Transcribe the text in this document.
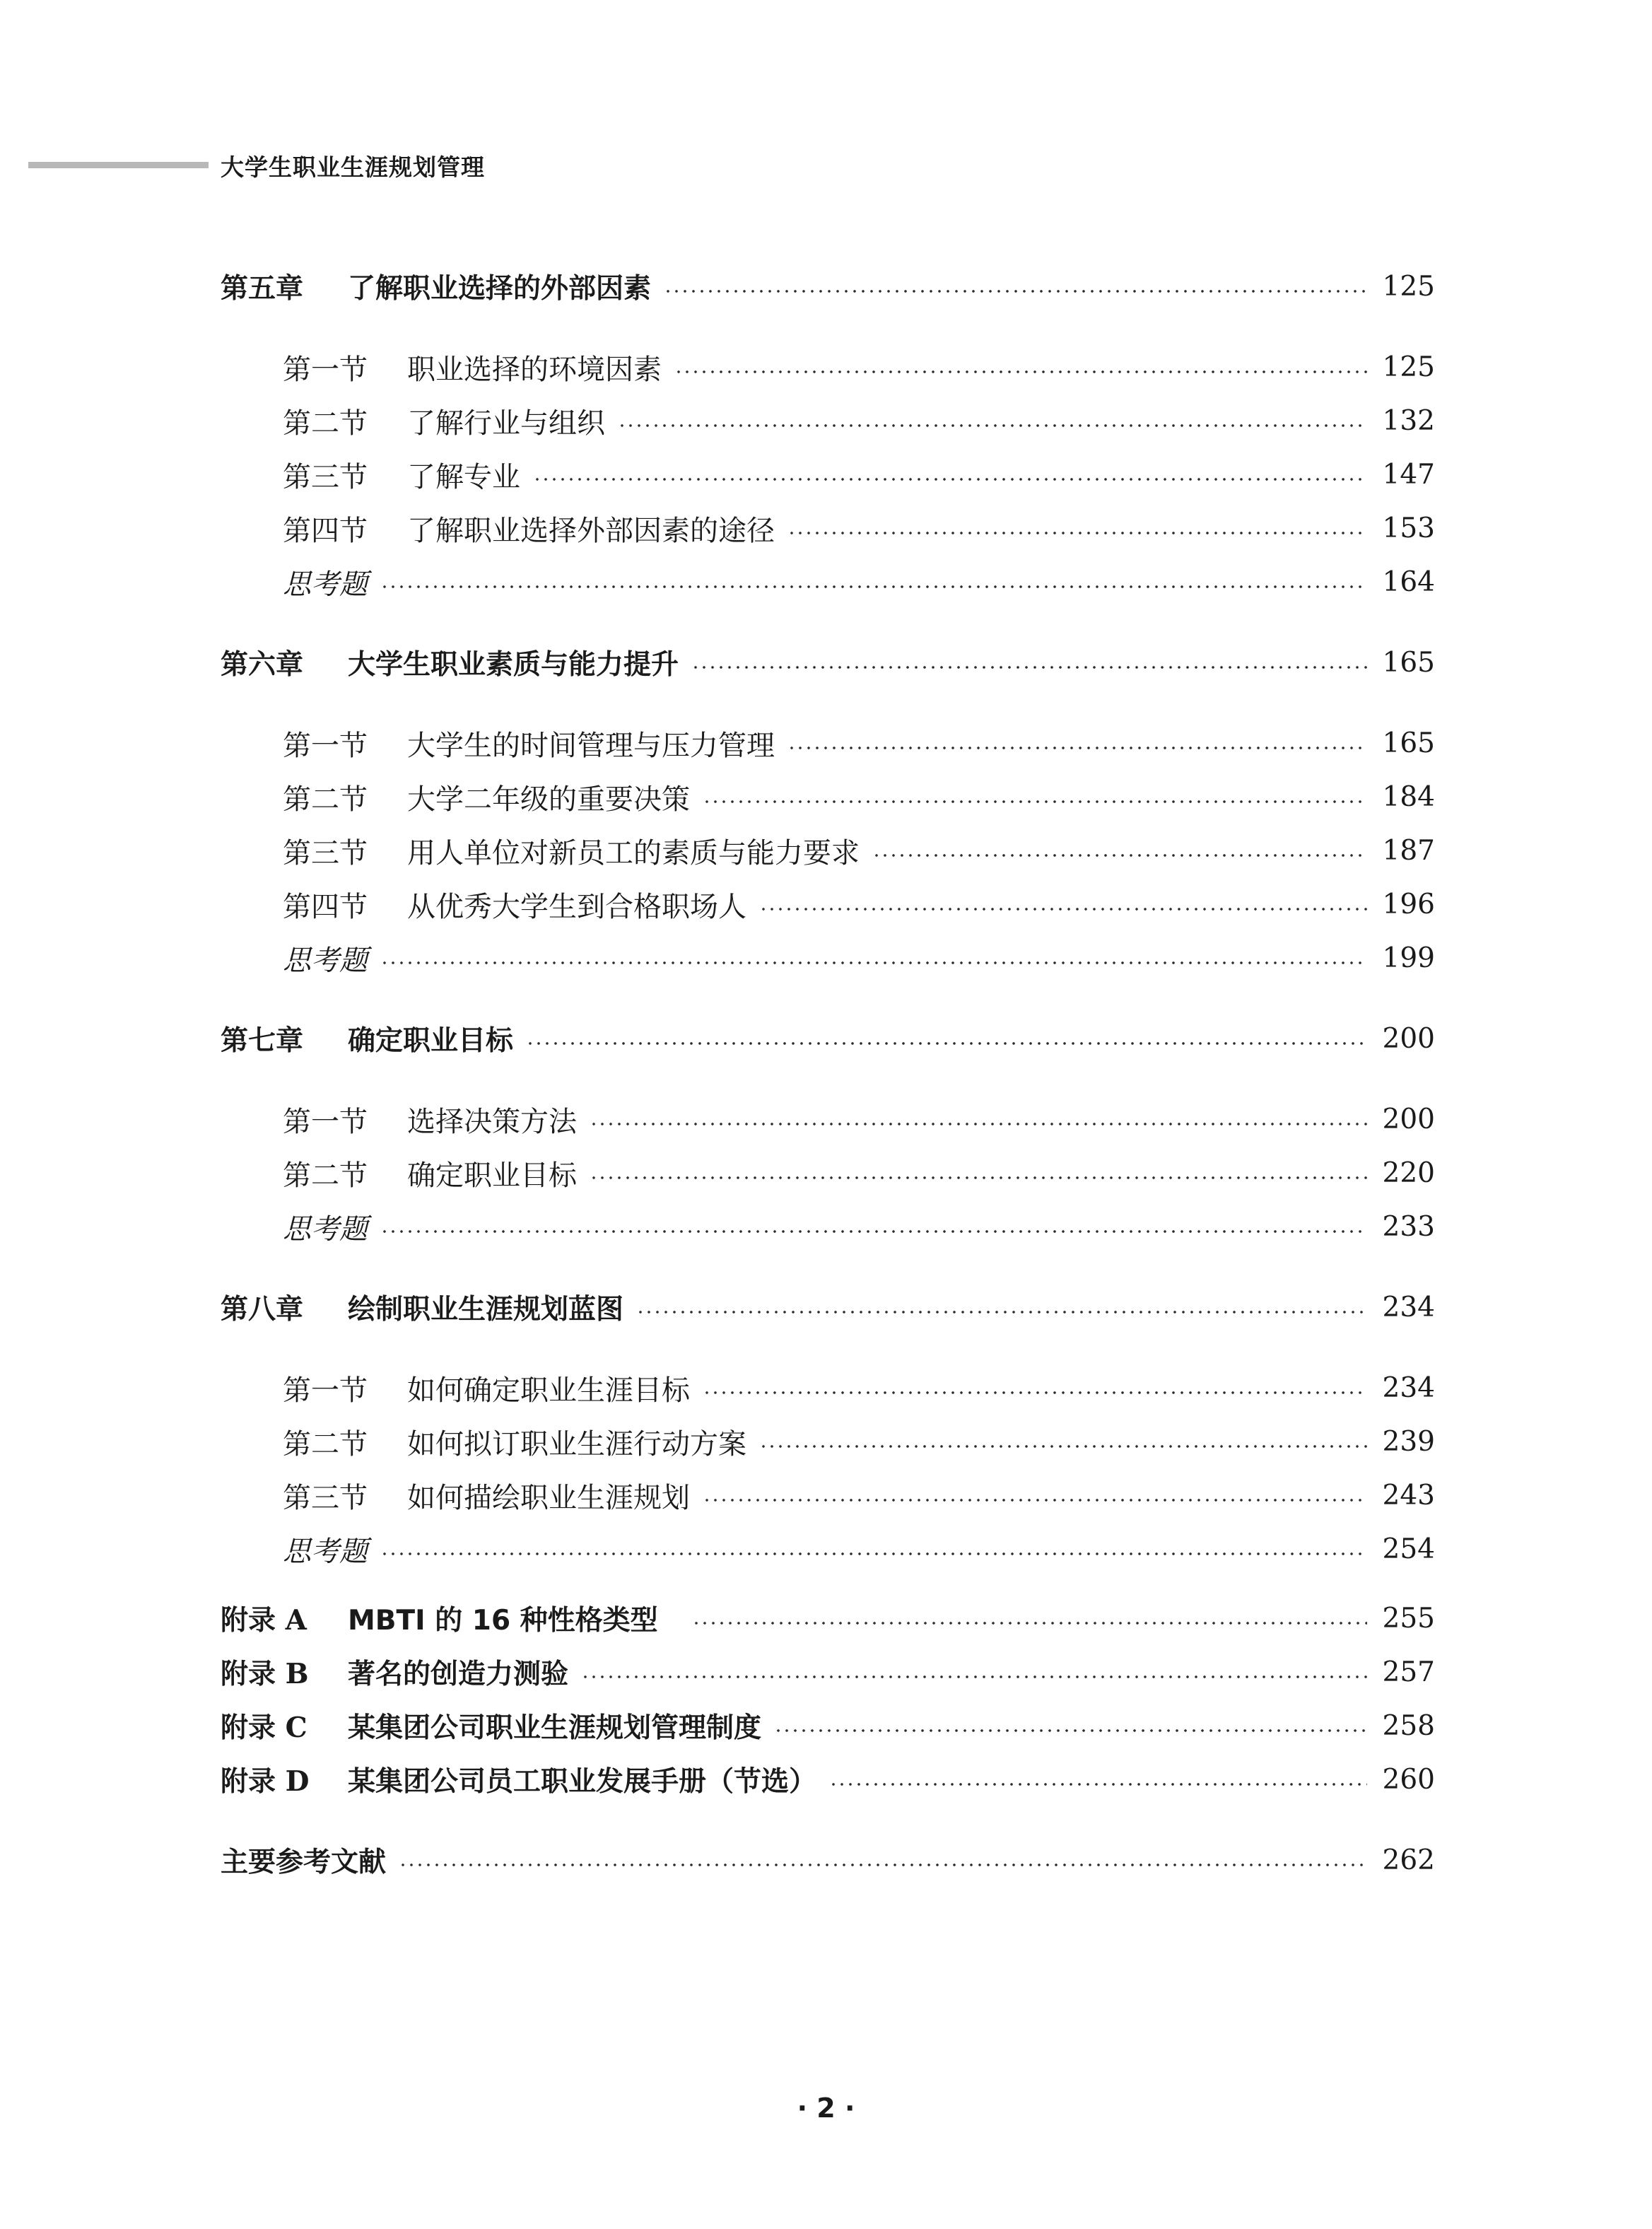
大学生职业生涯规划管理
第五章 了解职业选择的外部因素	125
第一节 职业选择的环境因素	125
第二节 了解行业与组织	132
第三节 了解专业	147
第四节 了解职业选择外部因素的途径	153
思考题	164
第六章 大学生职业素质与能力提升	165
第一节 大学生的时间管理与压力管理	165
第二节 大学二年级的重要决策	184
第三节 用人单位对新员工的素质与能力要求	187
第四节 从优秀大学生到合格职场人	196
思考题	199
第七章 确定职业目标	200
第一节 选择决策方法	200
第二节 确定职业目标	220
思考题	233
第八章 绘制职业生涯规划蓝图	234
第一节 如何确定职业生涯目标	234
第二节 如何拟订职业生涯行动方案	239
第三节 如何描绘职业生涯规划	243
思考题	254
附录 A MBTI 的 16 种性格类型	255
附录 B 著名的创造力测验	257
附录 C 某集团公司职业生涯规划管理制度	258
附录 D 某集团公司员工职业发展手册（节选）	260
主要参考文献	262
· 2 ·
